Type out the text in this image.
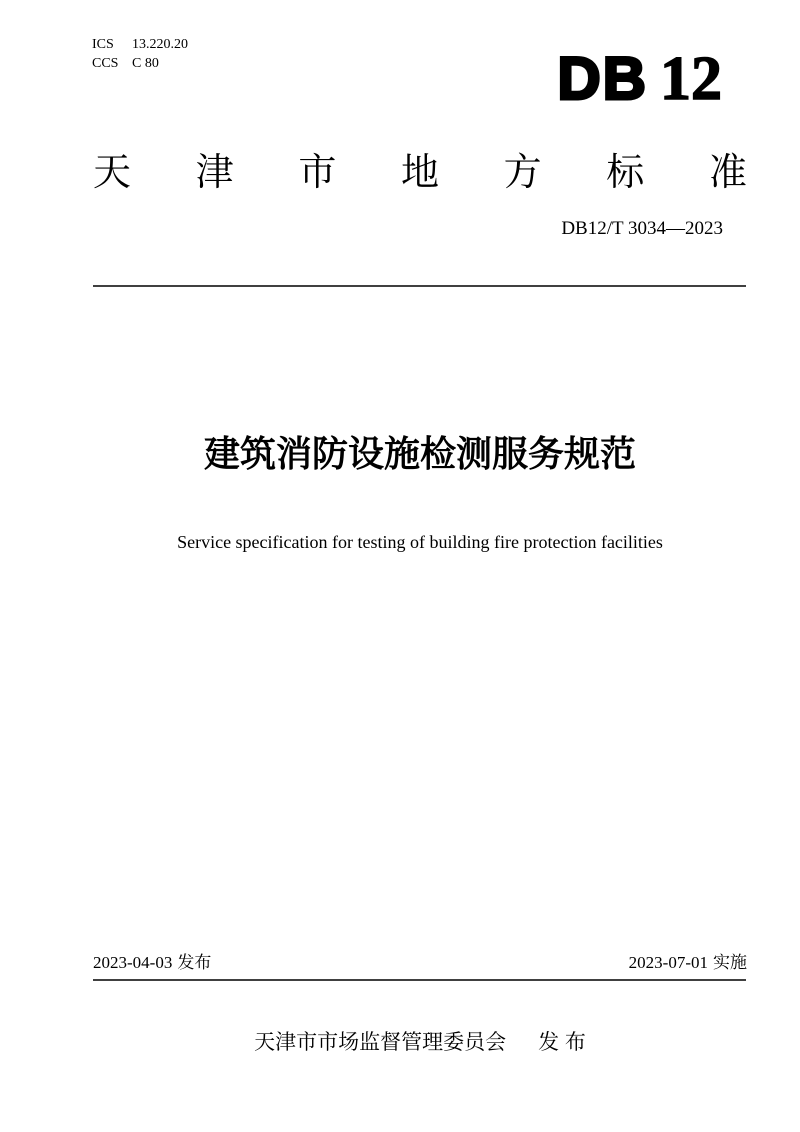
ICS	13.220.20
CCS C 80	DB 12
天 津 市 地 方 标 准
DB12/T 3034—2023
建筑消防设施检测服务规范
Service specification for testing of building fire protection facilities
2023-04-03 发布	2023-07-01 实施
天津市市场监督管理委员会 发 布
